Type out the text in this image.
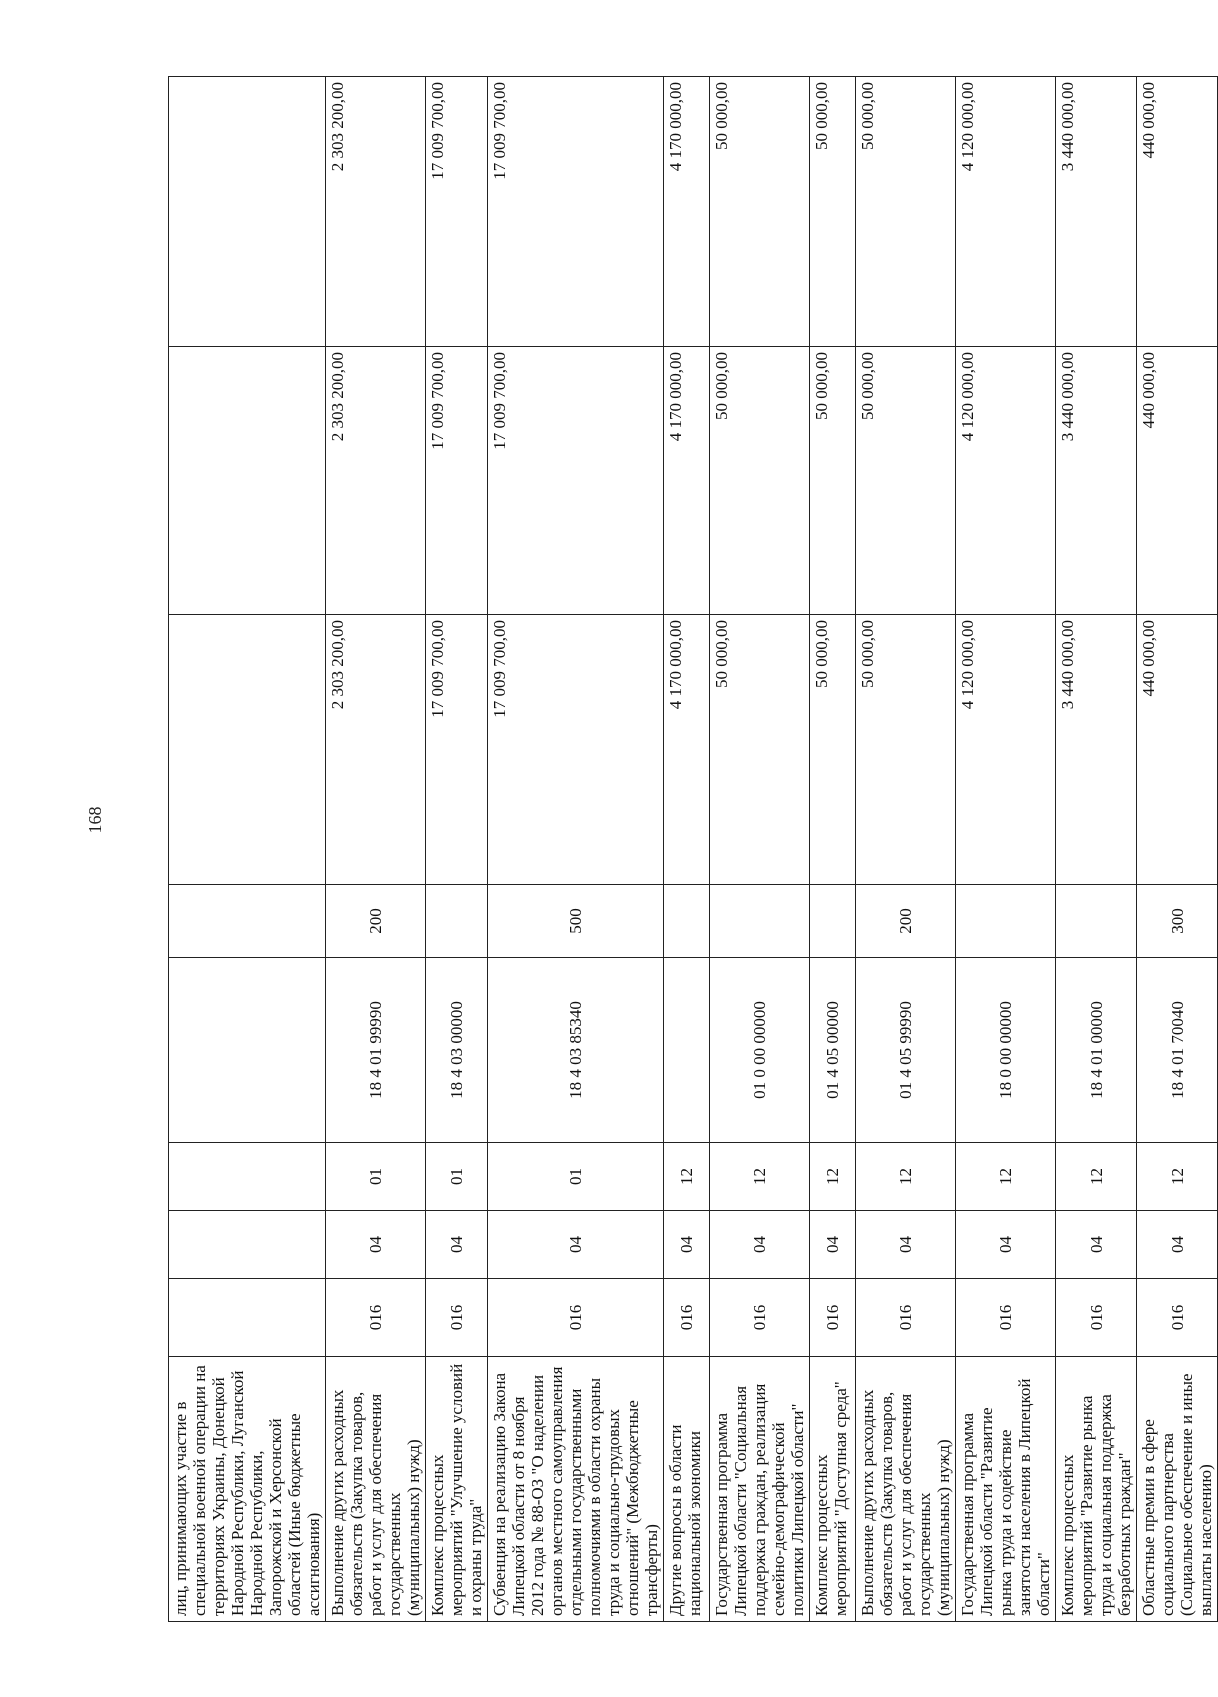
168
лиц, принимающих участие в специальной военной операции на территориях Украины, Донецкой Народной Республики, Луганской Народной Республики, Запорожской и Херсонской областей (Иные бюджетные ассигнования)								
Выполнение других расходных обязательств (Закупка товаров, работ и услуг для обеспечения государственных (муниципальных) нужд)	016	04	01	18 4 01 99990	200	2 303 200,00	2 303 200,00	2 303 200,00
Комплекс процессных мероприятий "Улучшение условий и охраны труда"	016	04	01	18 4 03 00000		17 009 700,00	17 009 700,00	17 009 700,00
Субвенция на реализацию Закона Липецкой области от 8 ноября 2012 года № 88-ОЗ "О наделении органов местного самоуправления отдельными государственными полномочиями в области охраны труда и социально-трудовых отношений" (Межбюджетные трансферты)	016	04	01	18 4 03 85340	500	17 009 700,00	17 009 700,00	17 009 700,00
Другие вопросы в области национальной экономики	016	04	12			4 170 000,00	4 170 000,00	4 170 000,00
Государственная программа Липецкой области "Социальная поддержка граждан, реализация семейно-демографической политики Липецкой области"	016	04	12	01 0 00 00000		50 000,00	50 000,00	50 000,00
Комплекс процессных мероприятий "Доступная среда"	016	04	12	01 4 05 00000		50 000,00	50 000,00	50 000,00
Выполнение других расходных обязательств (Закупка товаров, работ и услуг для обеспечения государственных (муниципальных) нужд)	016	04	12	01 4 05 99990	200	50 000,00	50 000,00	50 000,00
Государственная программа Липецкой области "Развитие рынка труда и содействие занятости населения в Липецкой области"	016	04	12	18 0 00 00000		4 120 000,00	4 120 000,00	4 120 000,00
Комплекс процессных мероприятий "Развитие рынка труда и социальная поддержка безработных граждан"	016	04	12	18 4 01 00000		3 440 000,00	3 440 000,00	3 440 000,00
Областные премии в сфере социального партнерства (Социальное обеспечение и иные выплаты населению)	016	04	12	18 4 01 70040	300	440 000,00	440 000,00	440 000,00
